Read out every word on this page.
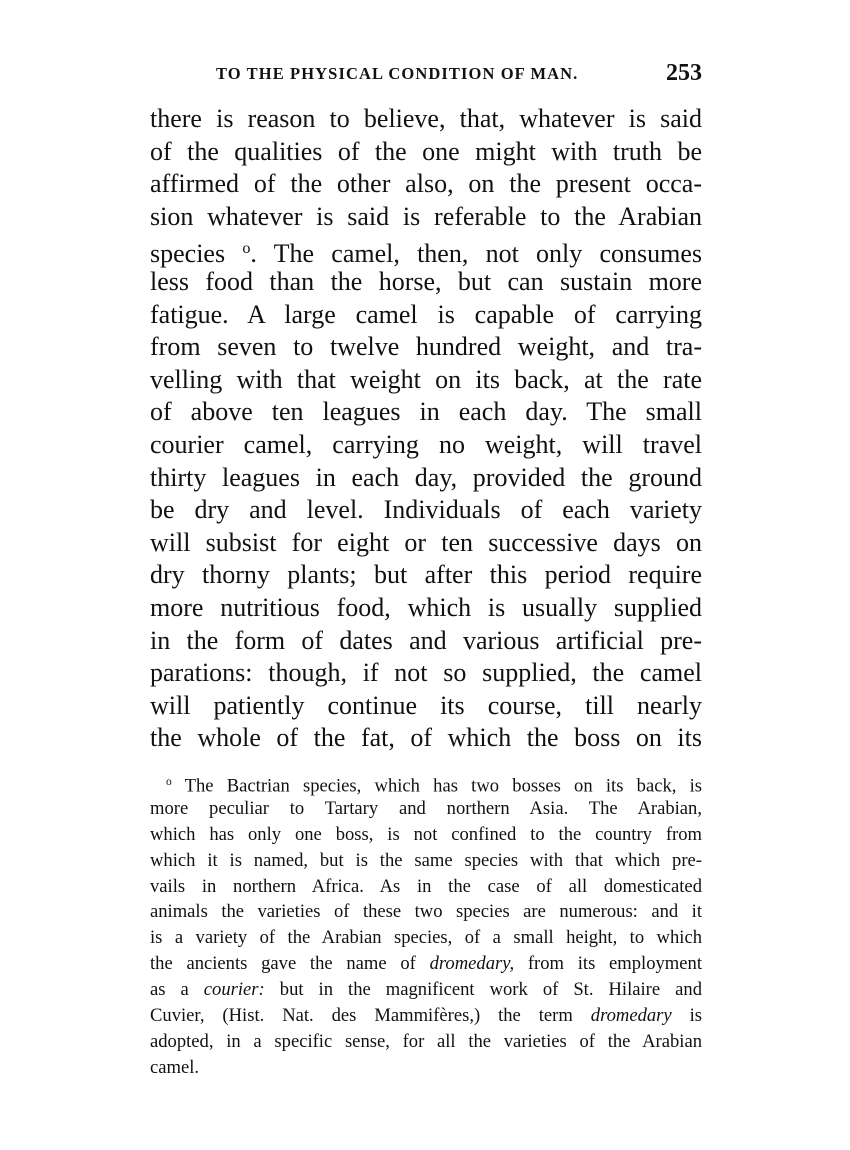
TO THE PHYSICAL CONDITION OF MAN.	253
there is reason to believe, that, whatever is said
of the qualities of the one might with truth be
affirmed of the other also, on the present occa-
sion whatever is said is referable to the Arabian
species $^o$. The camel, then, not only consumes
less food than the horse, but can sustain more
fatigue. A large camel is capable of carrying
from seven to twelve hundred weight, and tra-
velling with that weight on its back, at the rate
of above ten leagues in each day. The small
courier camel, carrying no weight, will travel
thirty leagues in each day, provided the ground
be dry and level. Individuals of each variety
will subsist for eight or ten successive days on
dry thorny plants; but after this period require
more nutritious food, which is usually supplied
in the form of dates and various artificial pre-
parations: though, if not so supplied, the camel
will patiently continue its course, till nearly
the whole of the fat, of which the boss on its
$^o$ The Bactrian species, which has two bosses on its back, is
more peculiar to Tartary and northern Asia. The Arabian,
which has only one boss, is not confined to the country from
which it is named, but is the same species with that which pre-
vails in northern Africa. As in the case of all domesticated
animals the varieties of these two species are numerous: and it
is a variety of the Arabian species, of a small height, to which
the ancients gave the name of dromedary, from its employment
as a courier: but in the magnificent work of St. Hilaire and
Cuvier, (Hist. Nat. des Mammifères,) the term dromedary is
adopted, in a specific sense, for all the varieties of the Arabian
camel.
